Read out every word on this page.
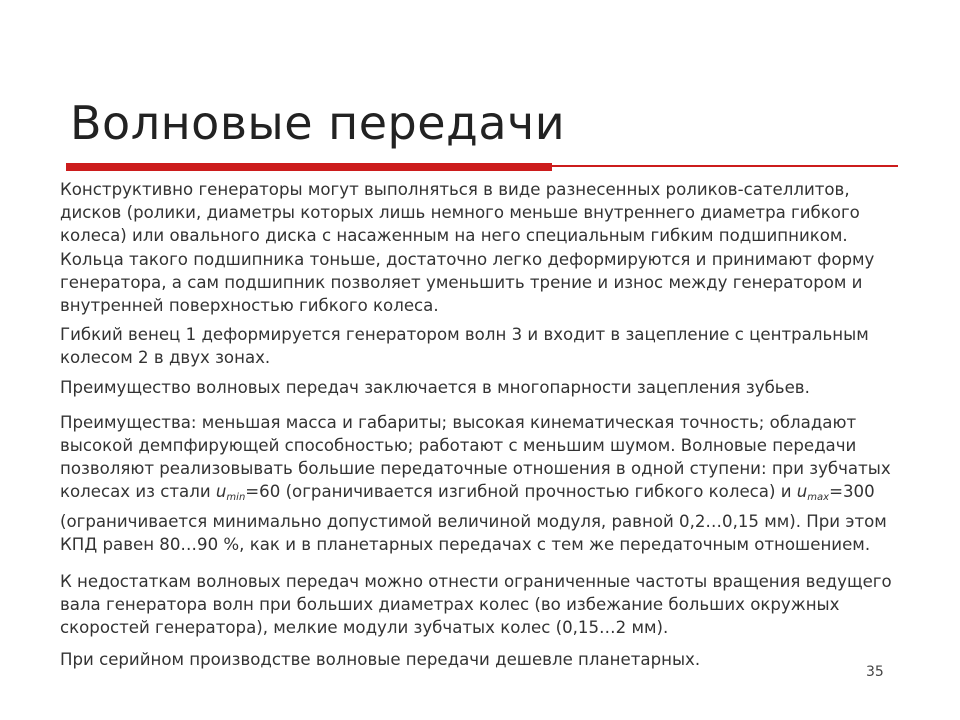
Волновые передачи

Конструктивно генераторы могут выполняться в виде разнесенных роликов-сателлитов, дисков (ролики, диаметры которых лишь немного меньше внутреннего диаметра гибкого колеса) или овального диска с насаженным на него специальным гибким подшипником. Кольца такого подшипника тоньше, достаточно легко деформируются и принимают форму генератора, а сам подшипник позволяет уменьшить трение и износ между генератором и внутренней поверхностью гибкого колеса.

Гибкий венец 1 деформируется генератором волн 3 и входит в зацепление с центральным колесом 2 в двух зонах.

Преимущество волновых передач заключается в многопарности зацепления зубьев.

Преимущества: меньшая масса и габариты; высокая кинематическая точность; обладают высокой демпфирующей способностью; работают с меньшим шумом. Волновые передачи позволяют реализовывать большие передаточные отношения в одной ступени: при зубчатых колесах из стали $u_{min}=60$ (ограничивается изгибной прочностью гибкого колеса) и $u_{max}=300$ (ограничивается минимально допустимой величиной модуля, равной 0,2…0,15 мм). При этом КПД равен 80…90 %, как и в планетарных передачах с тем же передаточным отношением.

К недостаткам волновых передач можно отнести ограниченные частоты вращения ведущего вала генератора волн при больших диаметрах колес (во избежание больших окружных скоростей генератора), мелкие модули зубчатых колес (0,15…2 мм).

При серийном производстве волновые передачи дешевле планетарных.

35
